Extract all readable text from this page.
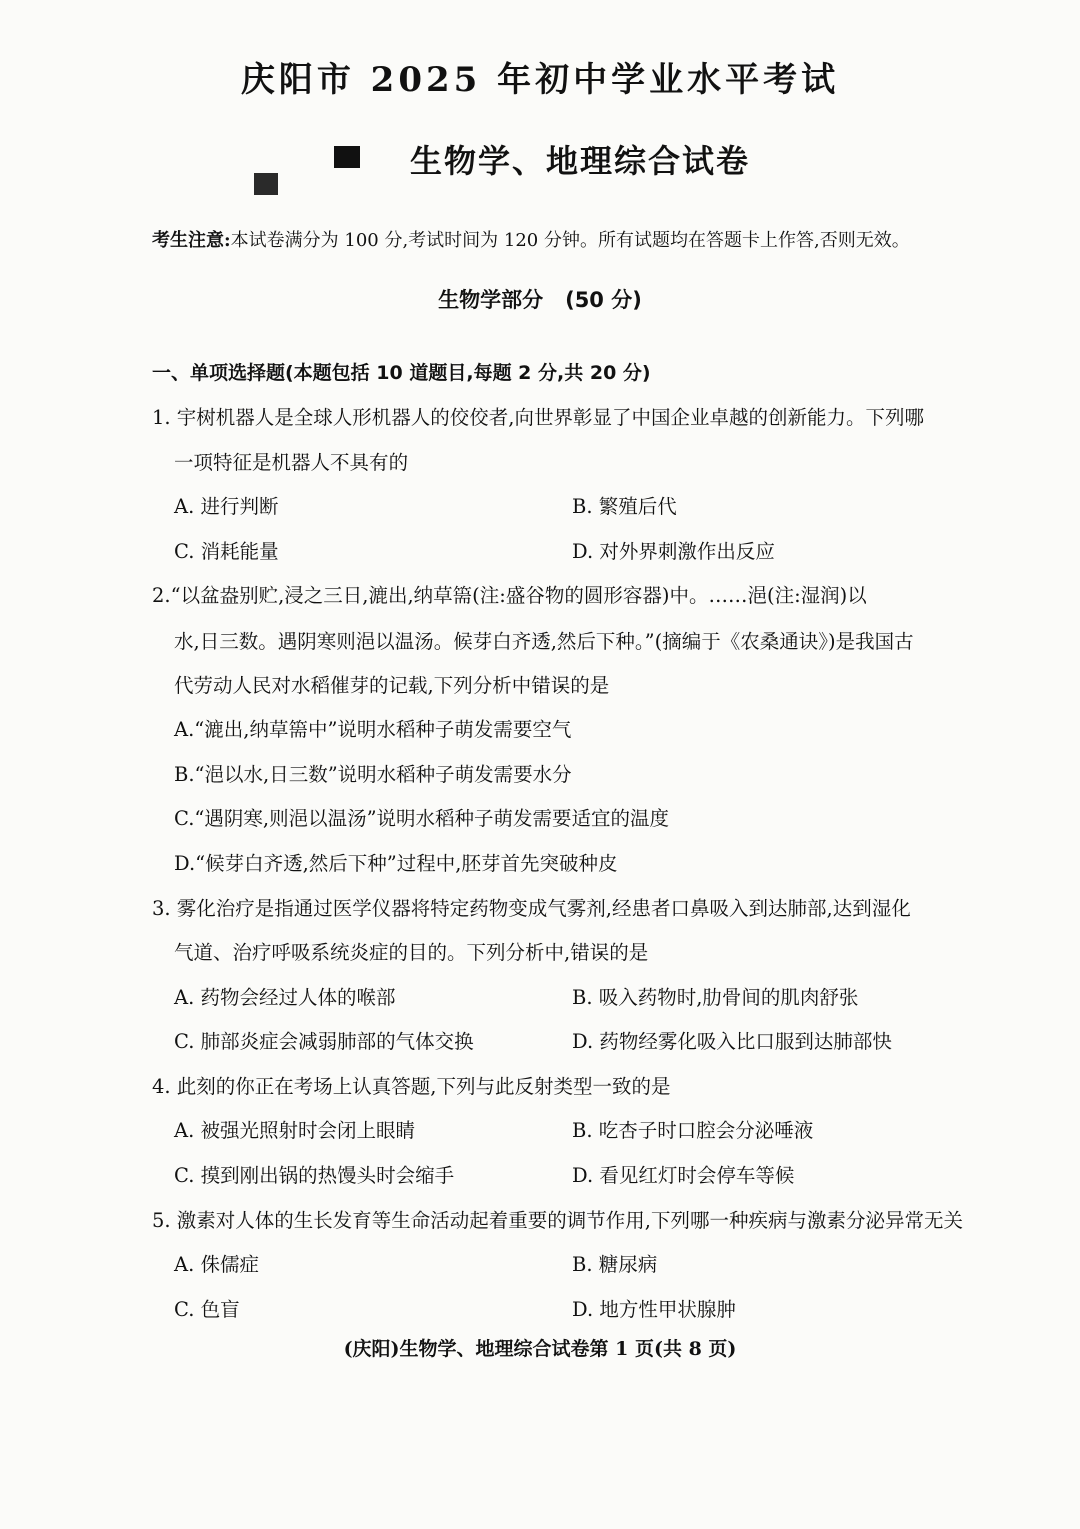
庆阳市 2025 年初中学业水平考试
生物学、地理综合试卷
考生注意:本试卷满分为 100 分,考试时间为 120 分钟。所有试题均在答题卡上作答,否则无效。
生物学部分 (50 分)
一、单项选择题(本题包括 10 道题目,每题 2 分,共 20 分)
1. 宇树机器人是全球人形机器人的佼佼者,向世界彰显了中国企业卓越的创新能力。下列哪
一项特征是机器人不 •具 •有 •的
A. 进行判断	B. 繁殖后代
C. 消耗能量	D. 对外界刺激作出反应
2.“以盆盎别贮,浸之三日,漉出,纳草篅(注:盛谷物的圆形容器)中。……浥(注:湿润)以
水,日三数。遇阴寒则浥以温汤。候芽白齐透,然后下种。”(摘编于《农桑通诀》)是我国古
代劳动人民对水稻催芽的记载,下列分析中错 •误 •的是
A.“漉出,纳草篅中”说明水稻种子萌发需要空气
B.“浥以水,日三数”说明水稻种子萌发需要水分
C.“遇阴寒,则浥以温汤”说明水稻种子萌发需要适宜的温度
D.“候芽白齐透,然后下种”过程中,胚芽首先突破种皮
3. 雾化治疗是指通过医学仪器将特定药物变成气雾剂,经患者口鼻吸入到达肺部,达到湿化
气道、治疗呼吸系统炎症的目的。下列分析中,错 •误 •的是
A. 药物会经过人体的喉部	B. 吸入药物时,肋骨间的肌肉舒张
C. 肺部炎症会减弱肺部的气体交换	D. 药物经雾化吸入比口服到达肺部快
4. 此刻的你正在考场上认真答题,下列与此反射类型一致的是
A. 被强光照射时会闭上眼睛	B. 吃杏子时口腔会分泌唾液
C. 摸到刚出锅的热馒头时会缩手	D. 看见红灯时会停车等候
5. 激素对人体的生长发育等生命活动起着重要的调节作用,下列哪一种疾病与激素分泌异常无关
A. 侏儒症	B. 糖尿病
C. 色盲	D. 地方性甲状腺肿
(庆阳)生物学、地理综合试卷第 1 页(共 8 页)
